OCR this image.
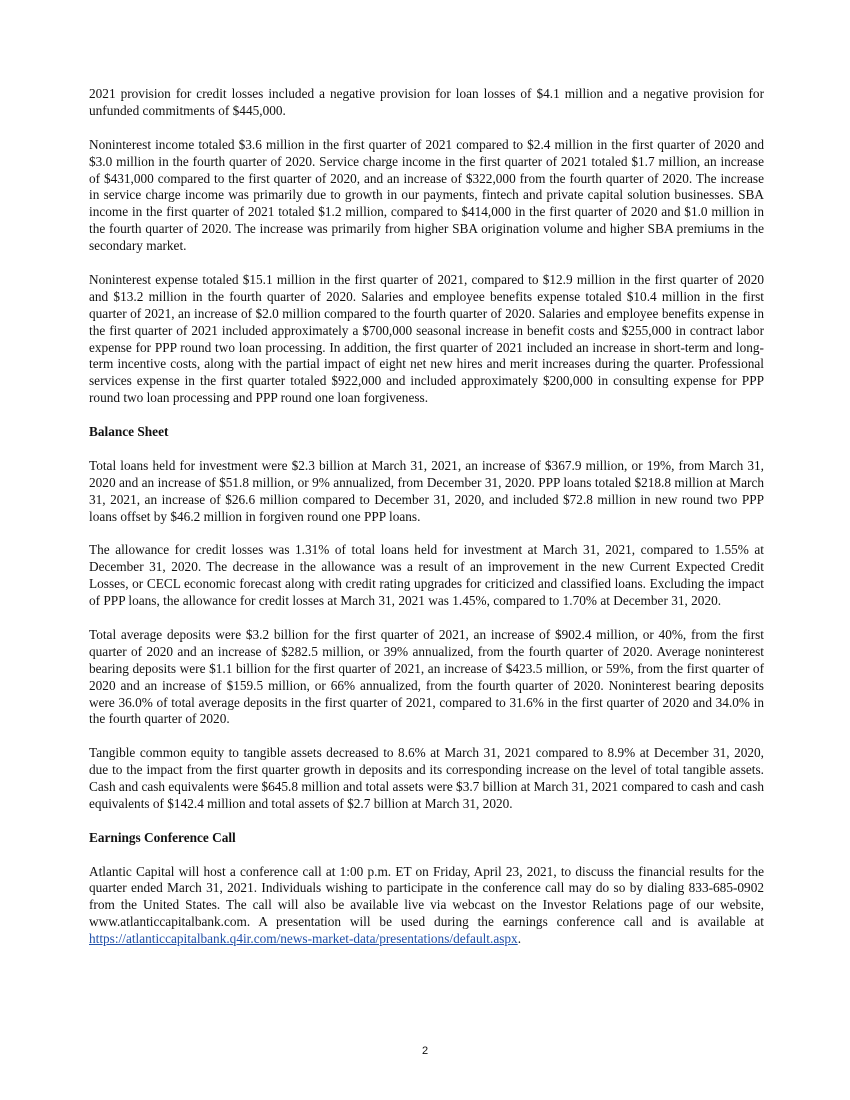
2021 provision for credit losses included a negative provision for loan losses of $4.1 million and a negative provision for unfunded commitments of $445,000.

Noninterest income totaled $3.6 million in the first quarter of 2021 compared to $2.4 million in the first quarter of 2020 and $3.0 million in the fourth quarter of 2020. Service charge income in the first quarter of 2021 totaled $1.7 million, an increase of $431,000 compared to the first quarter of 2020, and an increase of $322,000 from the fourth quarter of 2020. The increase in service charge income was primarily due to growth in our payments, fintech and private capital solution businesses. SBA income in the first quarter of 2021 totaled $1.2 million, compared to $414,000 in the first quarter of 2020 and $1.0 million in the fourth quarter of 2020. The increase was primarily from higher SBA origination volume and higher SBA premiums in the secondary market.

Noninterest expense totaled $15.1 million in the first quarter of 2021, compared to $12.9 million in the first quarter of 2020 and $13.2 million in the fourth quarter of 2020. Salaries and employee benefits expense totaled $10.4 million in the first quarter of 2021, an increase of $2.0 million compared to the fourth quarter of 2020. Salaries and employee benefits expense in the first quarter of 2021 included approximately a $700,000 seasonal increase in benefit costs and $255,000 in contract labor expense for PPP round two loan processing. In addition, the first quarter of 2021 included an increase in short-term and long-term incentive costs, along with the partial impact of eight net new hires and merit increases during the quarter. Professional services expense in the first quarter totaled $922,000 and included approximately $200,000 in consulting expense for PPP round two loan processing and PPP round one loan forgiveness.

Balance Sheet

Total loans held for investment were $2.3 billion at March 31, 2021, an increase of $367.9 million, or 19%, from March 31, 2020 and an increase of $51.8 million, or 9% annualized, from December 31, 2020. PPP loans totaled $218.8 million at March 31, 2021, an increase of $26.6 million compared to December 31, 2020, and included $72.8 million in new round two PPP loans offset by $46.2 million in forgiven round one PPP loans.

The allowance for credit losses was 1.31% of total loans held for investment at March 31, 2021, compared to 1.55% at December 31, 2020. The decrease in the allowance was a result of an improvement in the new Current Expected Credit Losses, or CECL economic forecast along with credit rating upgrades for criticized and classified loans. Excluding the impact of PPP loans, the allowance for credit losses at March 31, 2021 was 1.45%, compared to 1.70% at December 31, 2020.

Total average deposits were $3.2 billion for the first quarter of 2021, an increase of $902.4 million, or 40%, from the first quarter of 2020 and an increase of $282.5 million, or 39% annualized, from the fourth quarter of 2020. Average noninterest bearing deposits were $1.1 billion for the first quarter of 2021, an increase of $423.5 million, or 59%, from the first quarter of 2020 and an increase of $159.5 million, or 66% annualized, from the fourth quarter of 2020. Noninterest bearing deposits were 36.0% of total average deposits in the first quarter of 2021, compared to 31.6% in the first quarter of 2020 and 34.0% in the fourth quarter of 2020.

Tangible common equity to tangible assets decreased to 8.6% at March 31, 2021 compared to 8.9% at December 31, 2020, due to the impact from the first quarter growth in deposits and its corresponding increase on the level of total tangible assets. Cash and cash equivalents were $645.8 million and total assets were $3.7 billion at March 31, 2021 compared to cash and cash equivalents of $142.4 million and total assets of $2.7 billion at March 31, 2020.

Earnings Conference Call

Atlantic Capital will host a conference call at 1:00 p.m. ET on Friday, April 23, 2021, to discuss the financial results for the quarter ended March 31, 2021. Individuals wishing to participate in the conference call may do so by dialing 833-685-0902 from the United States. The call will also be available live via webcast on the Investor Relations page of our website, www.atlanticcapitalbank.com. A presentation will be used during the earnings conference call and is available at https://atlanticcapitalbank.q4ir.com/news-market-data/presentations/default.aspx.

2
